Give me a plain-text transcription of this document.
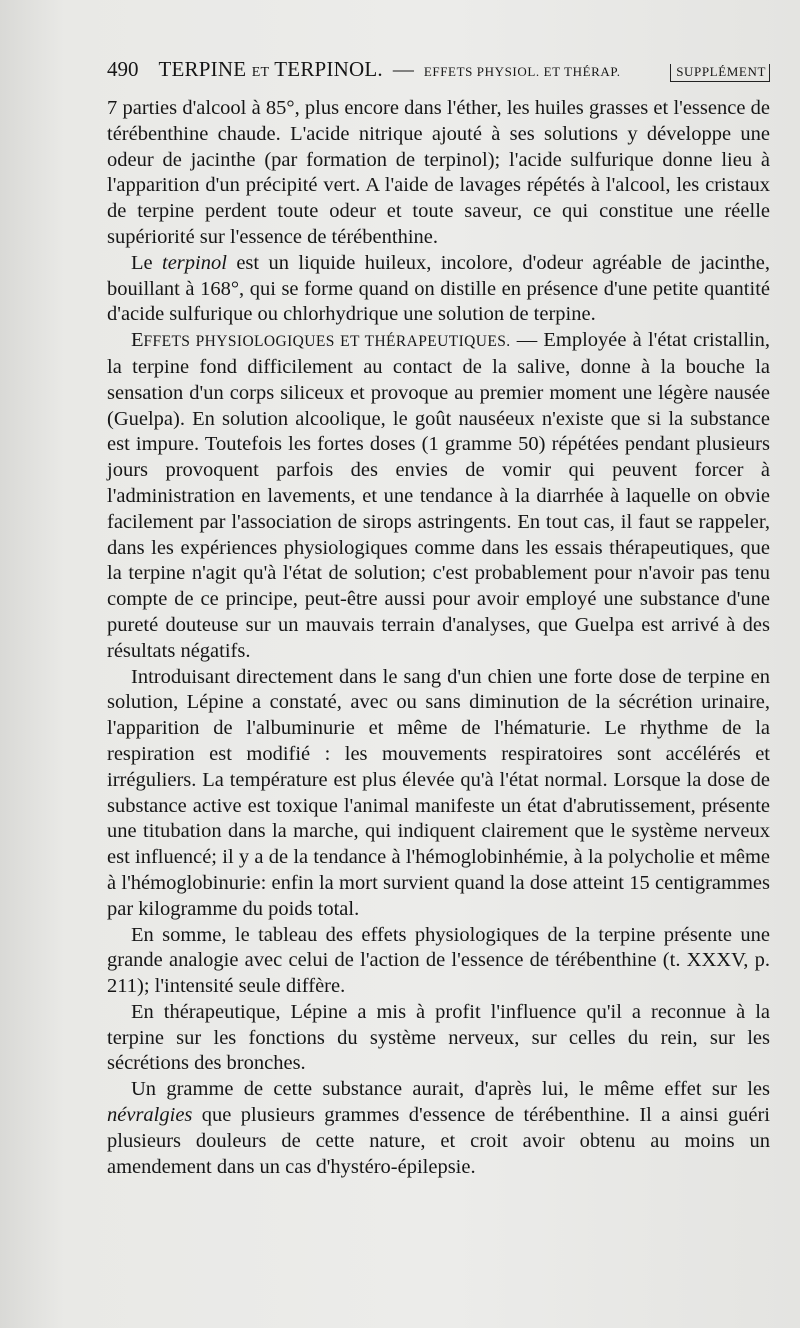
490 TERPINE ET TERPINOL. — EFFETS PHYSIOL. ET THÉRAP.	SUPPLÉMENT

7 parties d'alcool à 85°, plus encore dans l'éther, les huiles grasses et l'essence de térébenthine chaude. L'acide nitrique ajouté à ses solutions y développe une odeur de jacinthe (par formation de terpinol); l'acide sulfurique donne lieu à l'apparition d'un précipité vert. A l'aide de lavages répétés à l'alcool, les cristaux de terpine perdent toute odeur et toute saveur, ce qui constitue une réelle supériorité sur l'essence de térébenthine.

Le terpinol est un liquide huileux, incolore, d'odeur agréable de jacinthe, bouillant à 168°, qui se forme quand on distille en présence d'une petite quantité d'acide sulfurique ou chlorhydrique une solution de terpine.

EFFETS PHYSIOLOGIQUES ET THÉRAPEUTIQUES. — Employée à l'état cristallin, la terpine fond difficilement au contact de la salive, donne à la bouche la sensation d'un corps siliceux et provoque au premier moment une légère nausée (Guelpa). En solution alcoolique, le goût nauséeux n'existe que si la substance est impure. Toutefois les fortes doses (1 gramme 50) répétées pendant plusieurs jours provoquent parfois des envies de vomir qui peuvent forcer à l'administration en lavements, et une tendance à la diarrhée à laquelle on obvie facilement par l'association de sirops astringents. En tout cas, il faut se rappeler, dans les expériences physiologiques comme dans les essais thérapeutiques, que la terpine n'agit qu'à l'état de solution; c'est probablement pour n'avoir pas tenu compte de ce principe, peut-être aussi pour avoir employé une substance d'une pureté douteuse sur un mauvais terrain d'analyses, que Guelpa est arrivé à des résultats négatifs.

Introduisant directement dans le sang d'un chien une forte dose de terpine en solution, Lépine a constaté, avec ou sans diminution de la sécrétion urinaire, l'apparition de l'albuminurie et même de l'hématurie. Le rhythme de la respiration est modifié : les mouvements respiratoires sont accélérés et irréguliers. La température est plus élevée qu'à l'état normal. Lorsque la dose de substance active est toxique l'animal manifeste un état d'abrutissement, présente une titubation dans la marche, qui indiquent clairement que le système nerveux est influencé; il y a de la tendance à l'hémoglobinhémie, à la polycholie et même à l'hémoglobinurie: enfin la mort survient quand la dose atteint 15 centigrammes par kilogramme du poids total.

En somme, le tableau des effets physiologiques de la terpine présente une grande analogie avec celui de l'action de l'essence de térébenthine (t. XXXV, p. 211); l'intensité seule diffère.

En thérapeutique, Lépine a mis à profit l'influence qu'il a reconnue à la terpine sur les fonctions du système nerveux, sur celles du rein, sur les sécrétions des bronches.

Un gramme de cette substance aurait, d'après lui, le même effet sur les névralgies que plusieurs grammes d'essence de térébenthine. Il a ainsi guéri plusieurs douleurs de cette nature, et croit avoir obtenu au moins un amendement dans un cas d'hystéro-épilepsie.
